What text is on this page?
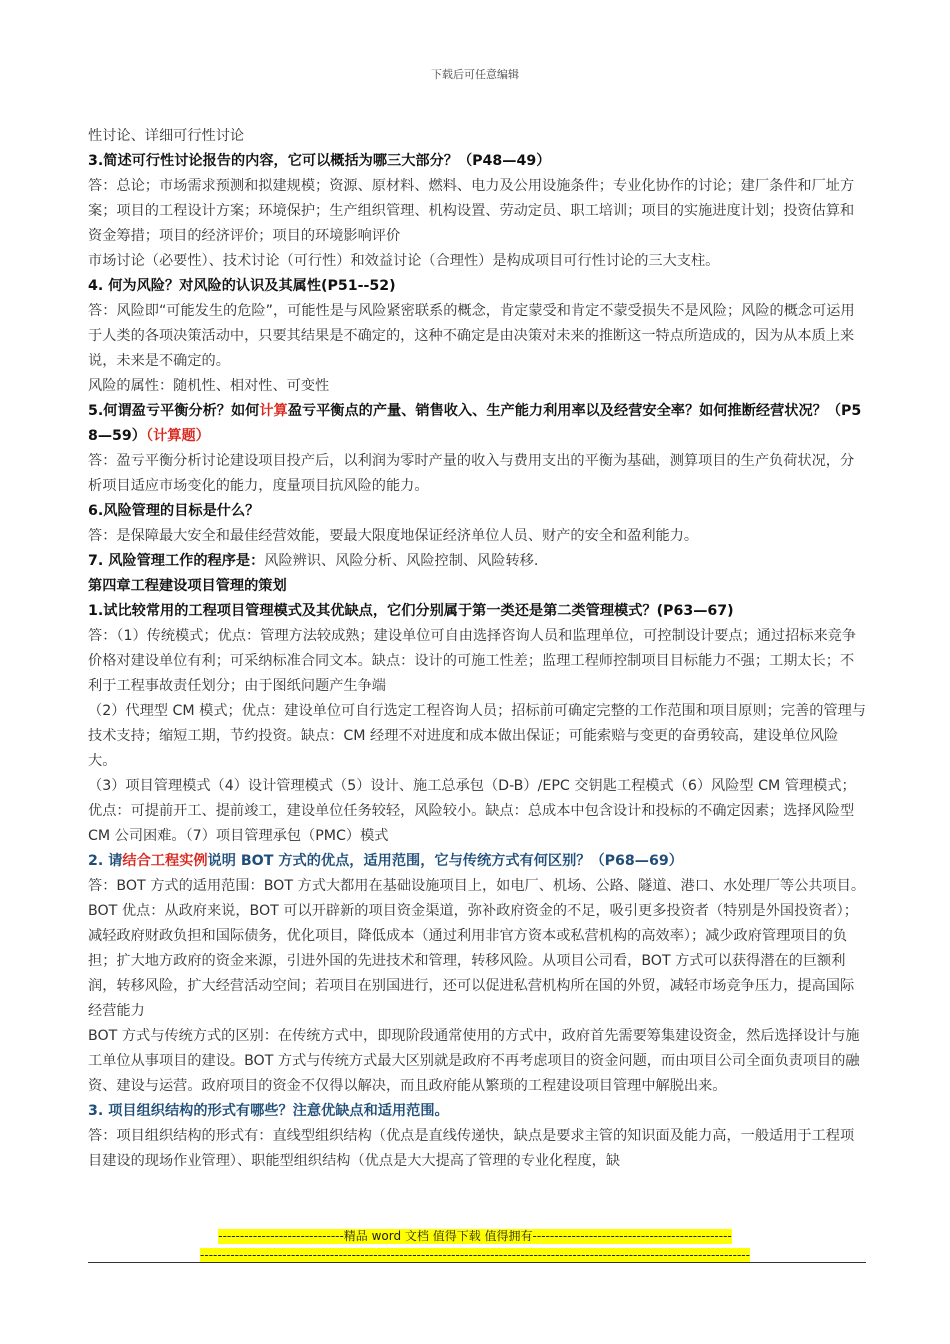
下载后可任意编辑

性讨论、详细可行性讨论

3.简述可行性讨论报告的内容，它可以概括为哪三大部分？（P48—49）

答：总论；市场需求预测和拟建规模；资源、原材料、燃料、电力及公用设施条件；专业化协作的讨论；建厂条件和厂址方案；项目的工程设计方案；环境保护；生产组织管理、机构设置、劳动定员、职工培训；项目的实施进度计划；投资估算和资金筹措；项目的经济评价；项目的环境影响评价

市场讨论（必要性）、技术讨论（可行性）和效益讨论（合理性）是构成项目可行性讨论的三大支柱。

4. 何为风险？对风险的认识及其属性(P51--52)

答：风险即“可能发生的危险”，可能性是与风险紧密联系的概念，肯定蒙受和肯定不蒙受损失不是风险；风险的概念可运用于人类的各项决策活动中，只要其结果是不确定的，这种不确定是由决策对未来的推断这一特点所造成的，因为从本质上来说，未来是不确定的。

风险的属性：随机性、相对性、可变性

5.何谓盈亏平衡分析？如何计算盈亏平衡点的产量、销售收入、生产能力利用率以及经营安全率？如何推断经营状况？（P58—59）（计算题）

答：盈亏平衡分析讨论建设项目投产后，以利润为零时产量的收入与费用支出的平衡为基础，测算项目的生产负荷状况，分析项目适应市场变化的能力，度量项目抗风险的能力。

6.风险管理的目标是什么？

答：是保障最大安全和最佳经营效能，要最大限度地保证经济单位人员、财产的安全和盈利能力。

7. 风险管理工作的程序是：风险辨识、风险分析、风险控制、风险转移.

第四章工程建设项目管理的策划

1.试比较常用的工程项目管理模式及其优缺点，它们分别属于第一类还是第二类管理模式？(P63—67)

答：（1）传统模式；优点：管理方法较成熟；建设单位可自由选择咨询人员和监理单位，可控制设计要点；通过招标来竞争价格对建设单位有利；可采纳标准合同文本。缺点：设计的可施工性差；监理工程师控制项目目标能力不强；工期太长；不利于工程事故责任划分；由于图纸问题产生争端

（2）代理型 CM 模式；优点：建设单位可自行选定工程咨询人员；招标前可确定完整的工作范围和项目原则；完善的管理与技术支持；缩短工期，节约投资。缺点：CM 经理不对进度和成本做出保证；可能索赔与变更的奋勇较高，建设单位风险大。

（3）项目管理模式（4）设计管理模式（5）设计、施工总承包（D-B）/EPC 交钥匙工程模式（6）风险型 CM 管理模式；优点：可提前开工、提前竣工，建设单位任务较轻，风险较小。缺点：总成本中包含设计和投标的不确定因素；选择风险型 CM 公司困难。（7）项目管理承包（PMC）模式

2. 请结合工程实例说明 BOT 方式的优点，适用范围，它与传统方式有何区别？（P68—69）

答：BOT 方式的适用范围：BOT 方式大都用在基础设施项目上，如电厂、机场、公路、隧道、港口、水处理厂等公共项目。

BOT 优点：从政府来说，BOT 可以开辟新的项目资金渠道，弥补政府资金的不足，吸引更多投资者（特别是外国投资者）；减轻政府财政负担和国际债务，优化项目，降低成本（通过利用非官方资本或私营机构的高效率）；减少政府管理项目的负担；扩大地方政府的资金来源，引进外国的先进技术和管理，转移风险。从项目公司看，BOT 方式可以获得潜在的巨额利润，转移风险，扩大经营活动空间；若项目在别国进行，还可以促进私营机构所在国的外贸，减轻市场竞争压力，提高国际经营能力

BOT 方式与传统方式的区别：在传统方式中，即现阶段通常使用的方式中，政府首先需要筹集建设资金，然后选择设计与施工单位从事项目的建设。BOT 方式与传统方式最大区别就是政府不再考虑项目的资金问题，而由项目公司全面负责项目的融资、建设与运营。政府项目的资金不仅得以解决，而且政府能从繁琐的工程建设项目管理中解脱出来。

3. 项目组织结构的形式有哪些？注意优缺点和适用范围。

答：项目组织结构的形式有：直线型组织结构（优点是直线传递快，缺点是要求主管的知识面及能力高，一般适用于工程项目建设的现场作业管理）、职能型组织结构（优点是大大提高了管理的专业化程度，缺

-----------------------------精品 word 文档 值得下载 值得拥有----------------------------------------------
-------------------------------------------------------------------------------------------------------------------------------
